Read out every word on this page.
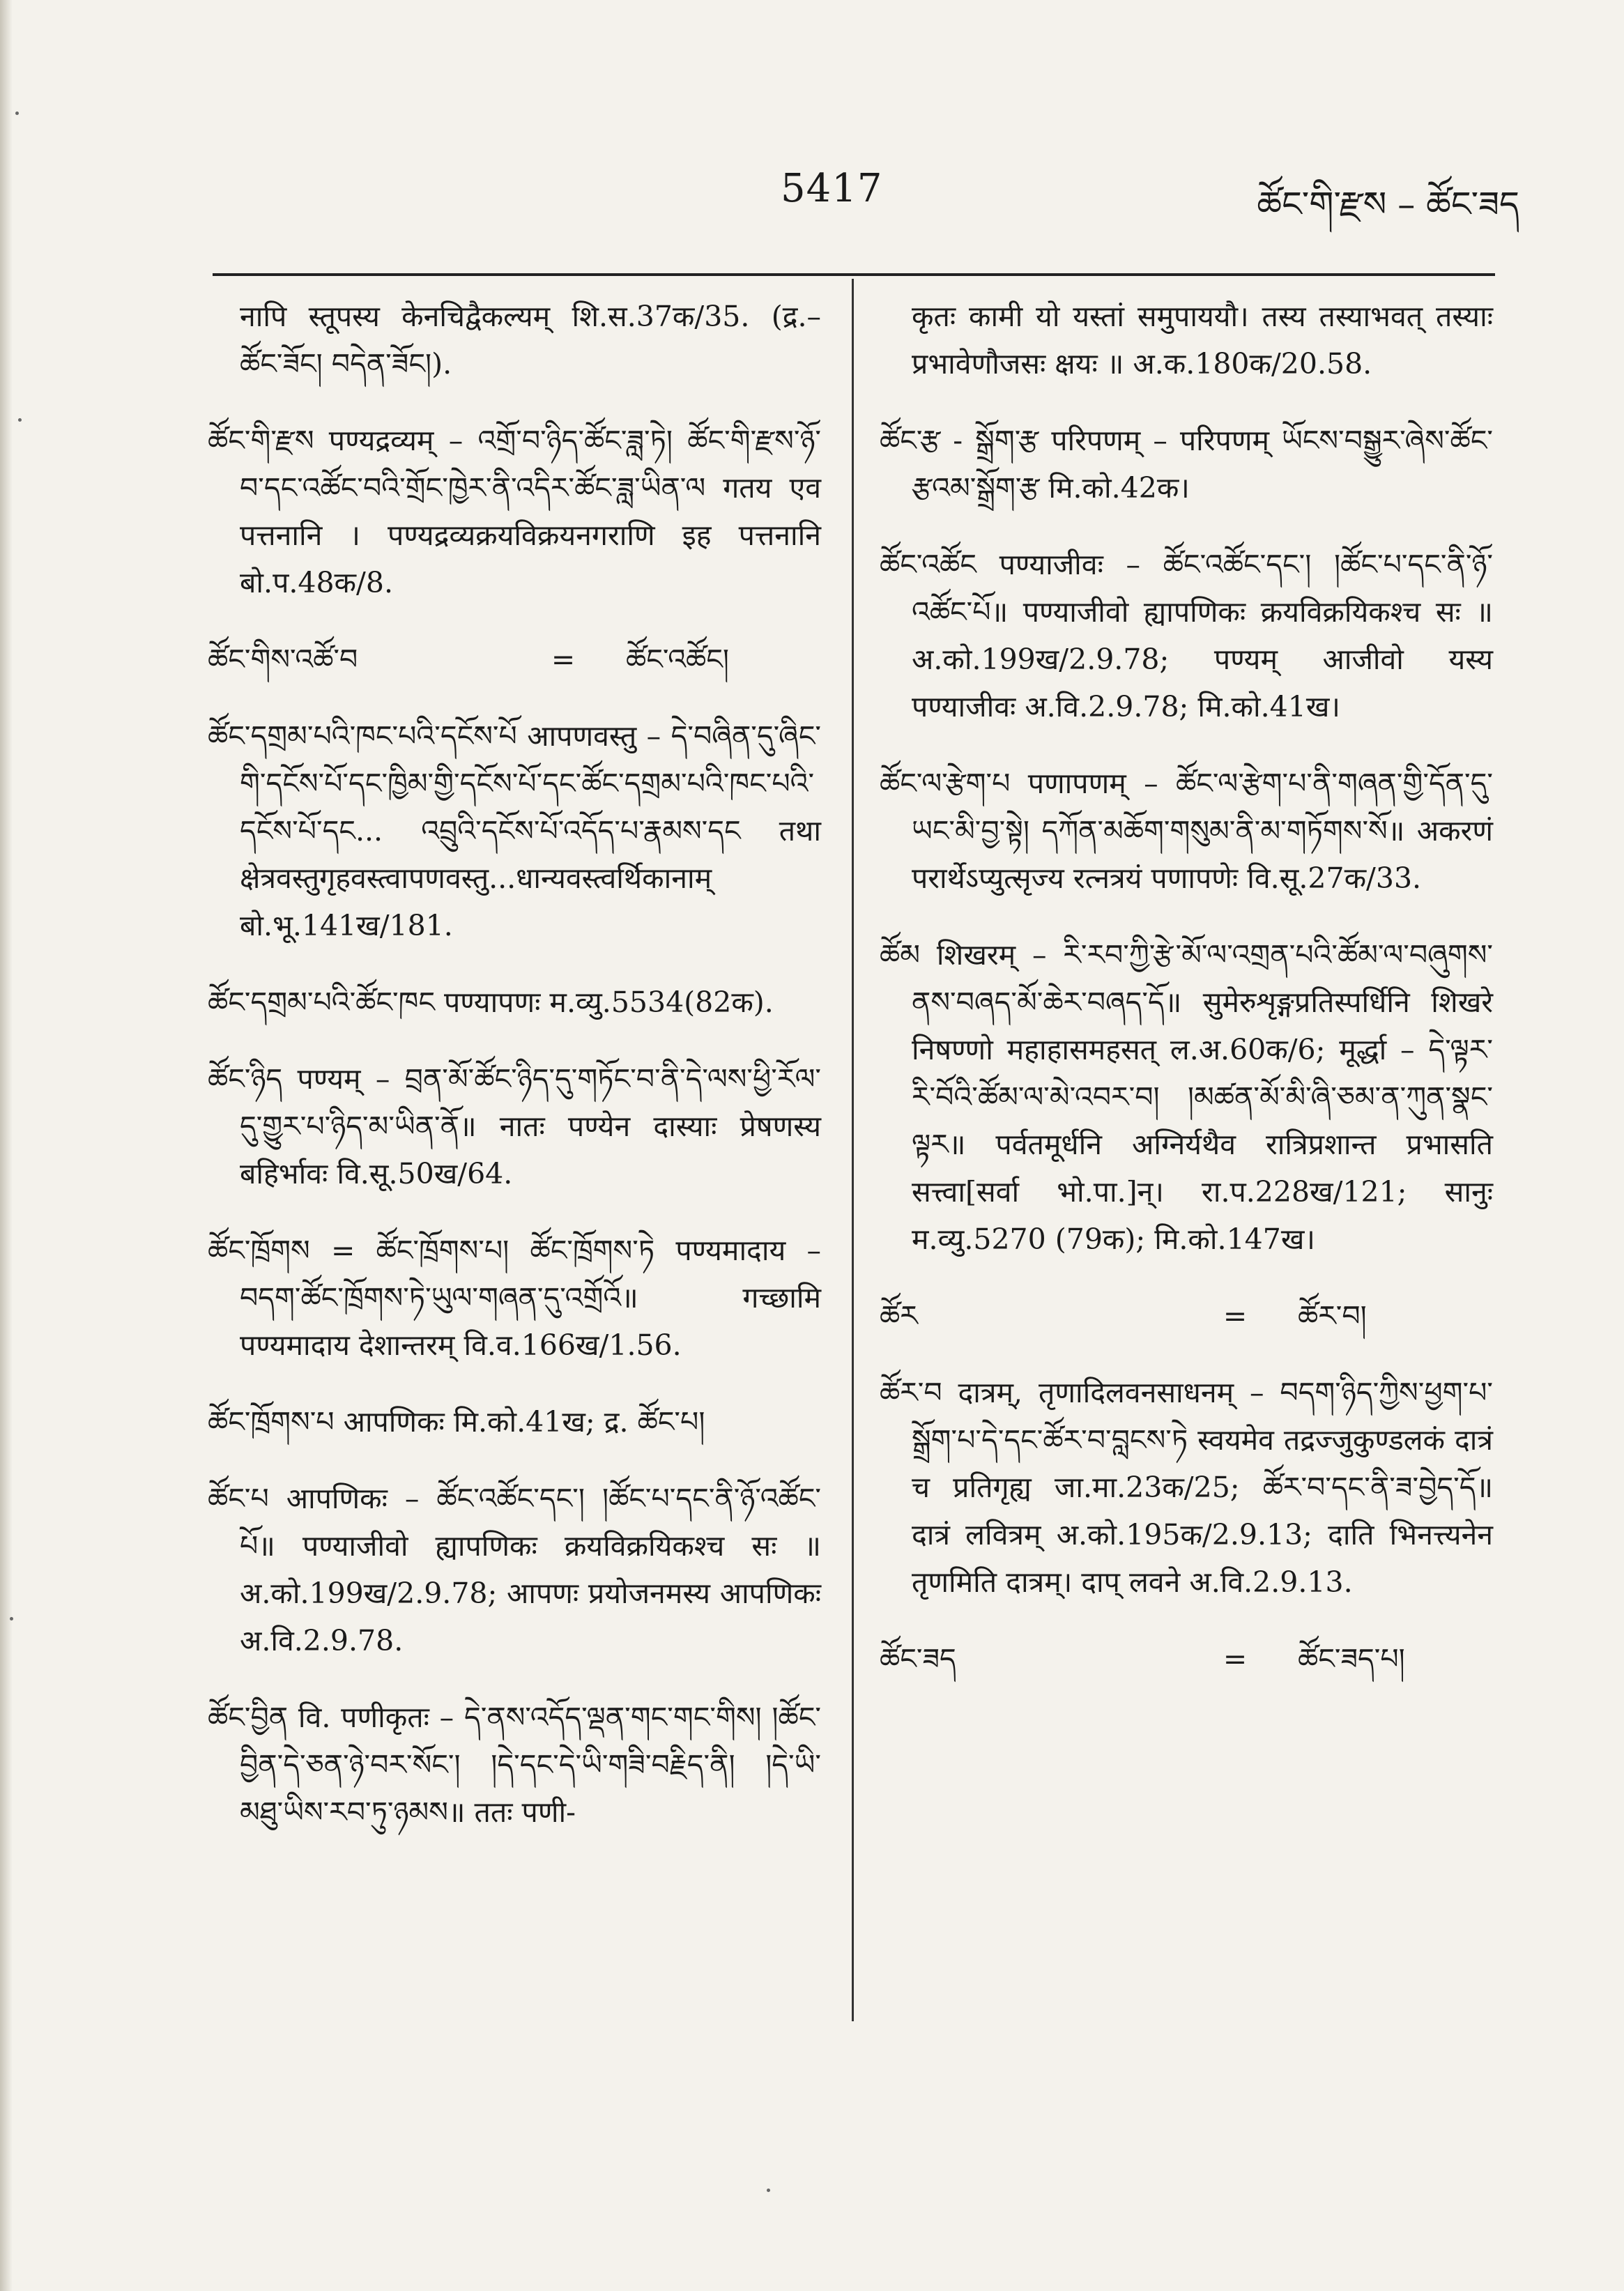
5417	ཚོང་གི་རྫས – ཚོང་ཟད
नापि स्तूपस्य केनचिद्वैकल्यम् शि.स.37क/35. (द्र.– ཚོང་ཟོང། བདེན་ཟོང།).
ཚོང་གི་རྫས पण्यद्रव्यम् – འགྲོ་བ་ཉིད་ཚོང་ཟླ་ཏེ། ཚོང་གི་རྫས་ཉོ་བ་དང་འཚོང་བའི་གྲོང་ཁྱེར་ནི་འདིར་ཚོང་ཟླ་ཡིན་ལ गतय एव पत्तनानि । पण्यद्रव्यक्रयविक्रयनगराणि इह पत्तनानि बो.प.48क/8.
ཚོང་གིས་འཚོ་བ	=	ཚོང་འཚོང།
ཚོང་དགྲམ་པའི་ཁང་པའི་དངོས་པོ आपणवस्तु – དེ་བཞིན་དུ་ཞིང་གི་དངོས་པོ་དང་ཁྱིམ་གྱི་དངོས་པོ་དང་ཚོང་དགྲམ་པའི་ཁང་པའི་དངོས་པོ་དང... འབྲུའི་དངོས་པོ་འདོད་པ་རྣམས་དང तथा क्षेत्रवस्तुगृहवस्त्वापणवस्तु...धान्यवस्त्वर्थिकानाम् बो.भू.141ख/181.
ཚོང་དགྲམ་པའི་ཚོང་ཁང पण्यापणः म.व्यु.5534(82क).
ཚོང་ཉིད पण्यम् – བྲན་མོ་ཚོང་ཉིད་དུ་གཏོང་བ་ནི་དེ་ལས་ཕྱི་རོལ་དུ་གྱུར་པ་ཉིད་མ་ཡིན་ནོ॥ नातः पण्येन दास्याः प्रेषणस्य बहिर्भावः वि.सू.50ख/64.
ཚོང་ཁྲོགས = ཚོང་ཁྲོགས་པ། ཚོང་ཁྲོགས་ཏེ पण्यमादाय – བདག་ཚོང་ཁྲོགས་ཏེ་ཡུལ་གཞན་དུ་འགྲོའོ॥ गच्छामि पण्यमादाय देशान्तरम् वि.व.166ख/1.56.
ཚོང་ཁྲོགས་པ आपणिकः मि.को.41ख; द्र. ཚོང་པ།
ཚོང་པ आपणिकः – ཚོང་འཚོང་དང་། །ཚོང་པ་དང་ནི་ཉོ་འཚོང་པོ॥ पण्याजीवो ह्यापणिकः क्रयविक्रयिकश्च सः ॥ अ.को.199ख/2.9.78; आपणः प्रयोजनमस्य आपणिकः अ.वि.2.9.78.
ཚོང་བྱིན वि. पणीकृतः – དེ་ནས་འདོད་ལྡན་གང་གང་གིས། །ཚོང་བྱིན་དེ་ཅན་ཉེ་བར་སོང་། །དེ་དང་དེ་ཡི་གཟི་བརྗིད་ནི། །དེ་ཡི་མཐུ་ཡིས་རབ་ཏུ་ཉམས॥ ततः पणी-
कृतः कामी यो यस्तां समुपाययौ। तस्य तस्याभवत् तस्याः प्रभावेणौजसः क्षयः ॥ अ.क.180क/20.58.
ཚོང་རྩ - སྒྲོག་རྩ परिपणम् – परिपणम् ཡོངས་བསྒྱུར་ཞེས་ཚོང་རྩའམ་སྒྲོག་རྩ मि.को.42क।
ཚོང་འཚོང पण्याजीवः – ཚོང་འཚོང་དང་། །ཚོང་པ་དང་ནི་ཉོ་འཚོང་པོ॥ पण्याजीवो ह्यापणिकः क्रयविक्रयिकश्च सः ॥ अ.को.199ख/2.9.78; पण्यम् आजीवो यस्य पण्याजीवः अ.वि.2.9.78; मि.को.41ख।
ཚོང་ལ་རྩེག་པ पणापणम् – ཚོང་ལ་རྩེག་པ་ནི་གཞན་གྱི་དོན་དུ་ཡང་མི་བྱ་སྟེ། དཀོན་མཆོག་གསུམ་ནི་མ་གཏོགས་སོ॥ अकरणं परार्थेऽप्युत्सृज्य रत्नत्रयं पणापणेः वि.सू.27क/33.
ཚོམ शिखरम् – རི་རབ་ཀྱི་རྩེ་མོ་ལ་འགྲན་པའི་ཚོམ་ལ་བཞུགས་ནས་བཞད་མོ་ཆེར་བཞད་དོ॥ सुमेरुशृङ्गप्रतिस्पर्धिनि शिखरे निषण्णो महाहासमहसत् ल.अ.60क/6; मूर्द्धा – དེ་ལྟར་རི་བོའི་ཚོམ་ལ་མེ་འབར་བ། །མཚན་མོ་མི་ཞི་ཅམ་ན་ཀུན་སྣང་ལྟར॥ पर्वतमूर्धनि अग्निर्यथैव रात्रिप्रशान्त प्रभासति सत्त्वा[सर्वा भो.पा.]न्। रा.प.228ख/121; सानुः म.व्यु.5270 (79क); मि.को.147ख।
ཚོར	=	ཚོར་བ།
ཚོར་བ दात्रम्, तृणादिलवनसाधनम् – བདག་ཉིད་ཀྱིས་ཕྱག་པ་སྒྲོག་པ་དེ་དང་ཚོར་བ་བླངས་ཏེ स्वयमेव तद्रज्जुकुण्डलकं दात्रं च प्रतिगृह्य जा.मा.23क/25; ཚོར་བ་དང་ནི་ཟ་བྱེད་དོ॥ दात्रं लवित्रम् अ.को.195क/2.9.13; दाति भिनत्त्यनेन तृणमिति दात्रम्। दाप् लवने अ.वि.2.9.13.
ཚོང་ཟད	=	ཚོང་ཟད་པ།
